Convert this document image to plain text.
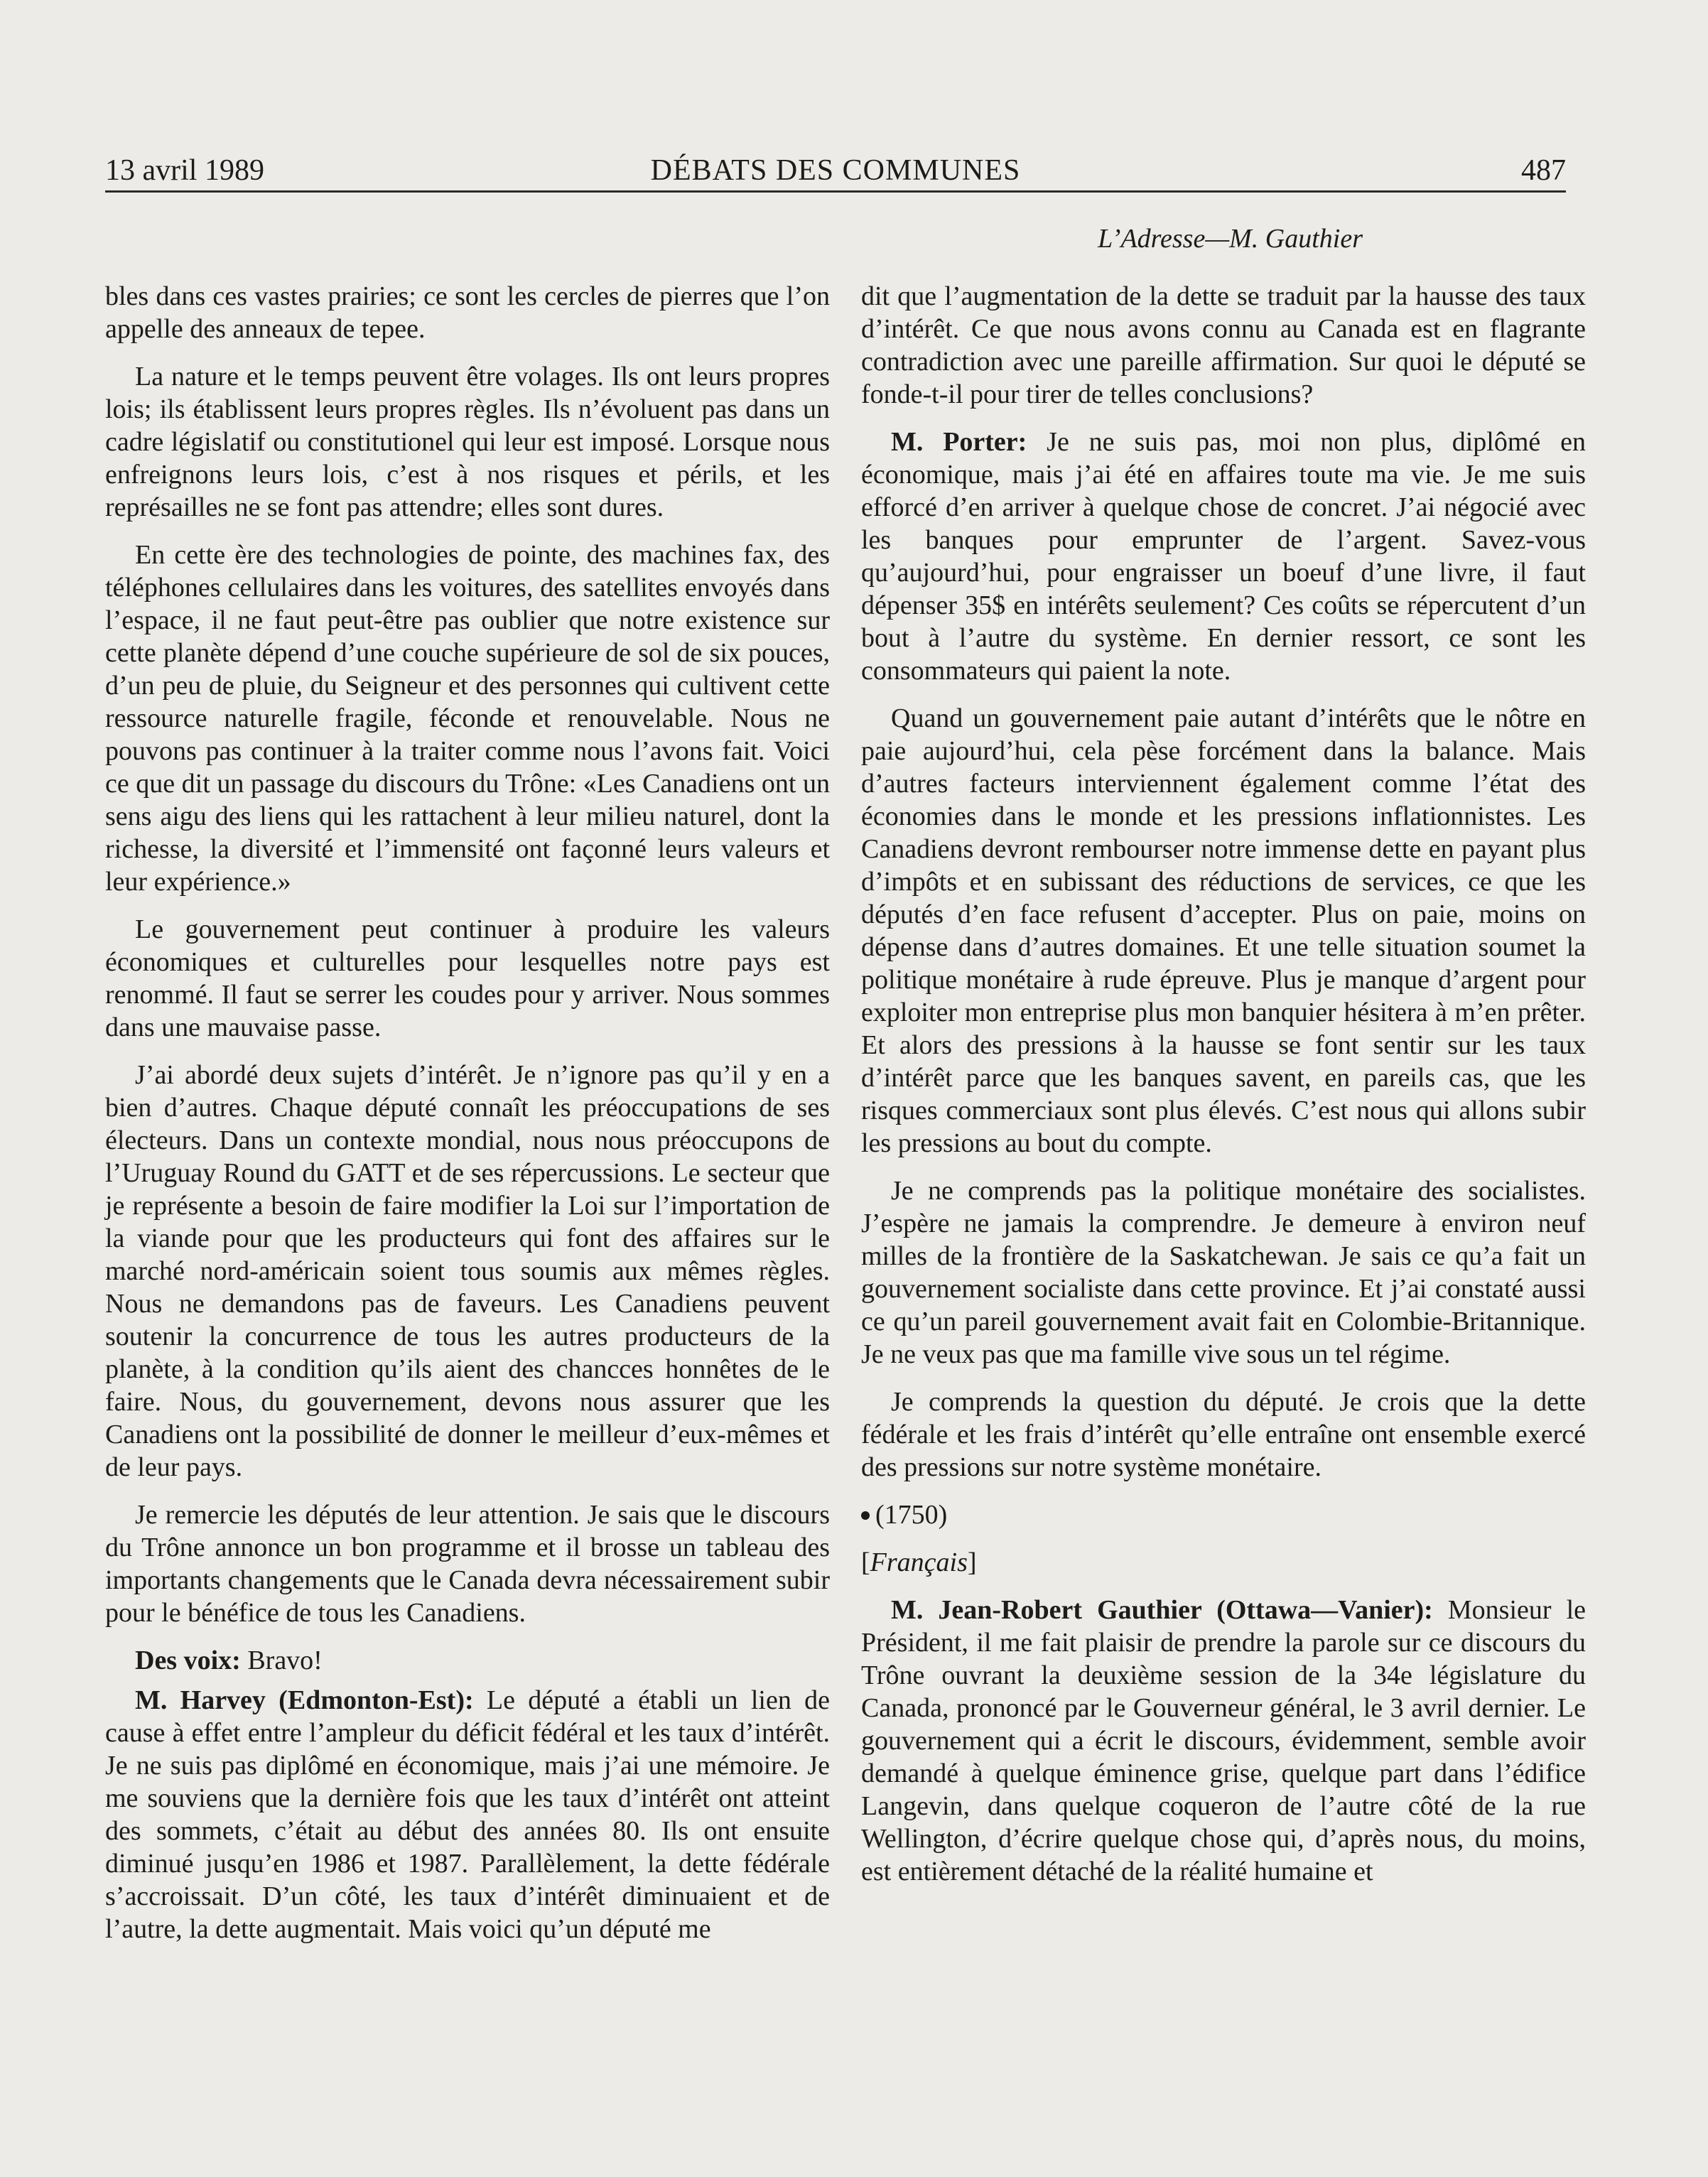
13 avril 1989	DÉBATS DES COMMUNES	487
L’Adresse—M. Gauthier

bles dans ces vastes prairies; ce sont les cercles de pierres que l’on appelle des anneaux de tepee.

La nature et le temps peuvent être volages. Ils ont leurs propres lois; ils établissent leurs propres règles. Ils n’évoluent pas dans un cadre législatif ou constitutionel qui leur est imposé. Lorsque nous enfreignons leurs lois, c’est à nos risques et périls, et les représailles ne se font pas attendre; elles sont dures.

En cette ère des technologies de pointe, des machines fax, des téléphones cellulaires dans les voitures, des satellites envoyés dans l’espace, il ne faut peut-être pas oublier que notre existence sur cette planète dépend d’une couche supérieure de sol de six pouces, d’un peu de pluie, du Seigneur et des personnes qui cultivent cette ressource naturelle fragile, féconde et renouvelable. Nous ne pouvons pas continuer à la traiter comme nous l’avons fait. Voici ce que dit un passage du discours du Trône: «Les Canadiens ont un sens aigu des liens qui les rattachent à leur milieu naturel, dont la richesse, la diversité et l’immensité ont façonné leurs valeurs et leur expérience.»

Le gouvernement peut continuer à produire les valeurs économiques et culturelles pour lesquelles notre pays est renommé. Il faut se serrer les coudes pour y arriver. Nous sommes dans une mauvaise passe.

J’ai abordé deux sujets d’intérêt. Je n’ignore pas qu’il y en a bien d’autres. Chaque député connaît les préoccupations de ses électeurs. Dans un contexte mondial, nous nous préoccupons de l’Uruguay Round du GATT et de ses répercussions. Le secteur que je représente a besoin de faire modifier la Loi sur l’importation de la viande pour que les producteurs qui font des affaires sur le marché nord-américain soient tous soumis aux mêmes règles. Nous ne demandons pas de faveurs. Les Canadiens peuvent soutenir la concurrence de tous les autres producteurs de la planète, à la condition qu’ils aient des chancces honnêtes de le faire. Nous, du gouvernement, devons nous assurer que les Canadiens ont la possibilité de donner le meilleur d’eux-mêmes et de leur pays.

Je remercie les députés de leur attention. Je sais que le discours du Trône annonce un bon programme et il brosse un tableau des importants changements que le Canada devra nécessairement subir pour le bénéfice de tous les Canadiens.

Des voix: Bravo!

M. Harvey (Edmonton-Est): Le député a établi un lien de cause à effet entre l’ampleur du déficit fédéral et les taux d’intérêt. Je ne suis pas diplômé en économique, mais j’ai une mémoire. Je me souviens que la dernière fois que les taux d’intérêt ont atteint des sommets, c’était au début des années 80. Ils ont ensuite diminué jusqu’en 1986 et 1987. Parallèlement, la dette fédérale s’accroissait. D’un côté, les taux d’intérêt diminuaient et de l’autre, la dette augmentait. Mais voici qu’un député me

dit que l’augmentation de la dette se traduit par la hausse des taux d’intérêt. Ce que nous avons connu au Canada est en flagrante contradiction avec une pareille affirmation. Sur quoi le député se fonde-t-il pour tirer de telles conclusions?

M. Porter: Je ne suis pas, moi non plus, diplômé en économique, mais j’ai été en affaires toute ma vie. Je me suis efforcé d’en arriver à quelque chose de concret. J’ai négocié avec les banques pour emprunter de l’argent. Savez-vous qu’aujourd’hui, pour engraisser un boeuf d’une livre, il faut dépenser 35$ en intérêts seulement? Ces coûts se répercutent d’un bout à l’autre du système. En dernier ressort, ce sont les consommateurs qui paient la note.

Quand un gouvernement paie autant d’intérêts que le nôtre en paie aujourd’hui, cela pèse forcément dans la balance. Mais d’autres facteurs interviennent également comme l’état des économies dans le monde et les pressions inflationnistes. Les Canadiens devront rembourser notre immense dette en payant plus d’impôts et en subissant des réductions de services, ce que les députés d’en face refusent d’accepter. Plus on paie, moins on dépense dans d’autres domaines. Et une telle situation soumet la politique monétaire à rude épreuve. Plus je manque d’argent pour exploiter mon entreprise plus mon banquier hésitera à m’en prêter. Et alors des pressions à la hausse se font sentir sur les taux d’intérêt parce que les banques savent, en pareils cas, que les risques commerciaux sont plus élevés. C’est nous qui allons subir les pressions au bout du compte.

Je ne comprends pas la politique monétaire des socialistes. J’espère ne jamais la comprendre. Je demeure à environ neuf milles de la frontière de la Saskatchewan. Je sais ce qu’a fait un gouvernement socialiste dans cette province. Et j’ai constaté aussi ce qu’un pareil gouvernement avait fait en Colombie-Britannique. Je ne veux pas que ma famille vive sous un tel régime.

Je comprends la question du député. Je crois que la dette fédérale et les frais d’intérêt qu’elle entraîne ont ensemble exercé des pressions sur notre système monétaire.

(1750)

[Français]

M. Jean-Robert Gauthier (Ottawa—Vanier): Monsieur le Président, il me fait plaisir de prendre la parole sur ce discours du Trône ouvrant la deuxième session de la 34e législature du Canada, prononcé par le Gouverneur général, le 3 avril dernier. Le gouvernement qui a écrit le discours, évidemment, semble avoir demandé à quelque éminence grise, quelque part dans l’édifice Langevin, dans quelque coqueron de l’autre côté de la rue Wellington, d’écrire quelque chose qui, d’après nous, du moins, est entièrement détaché de la réalité humaine et
